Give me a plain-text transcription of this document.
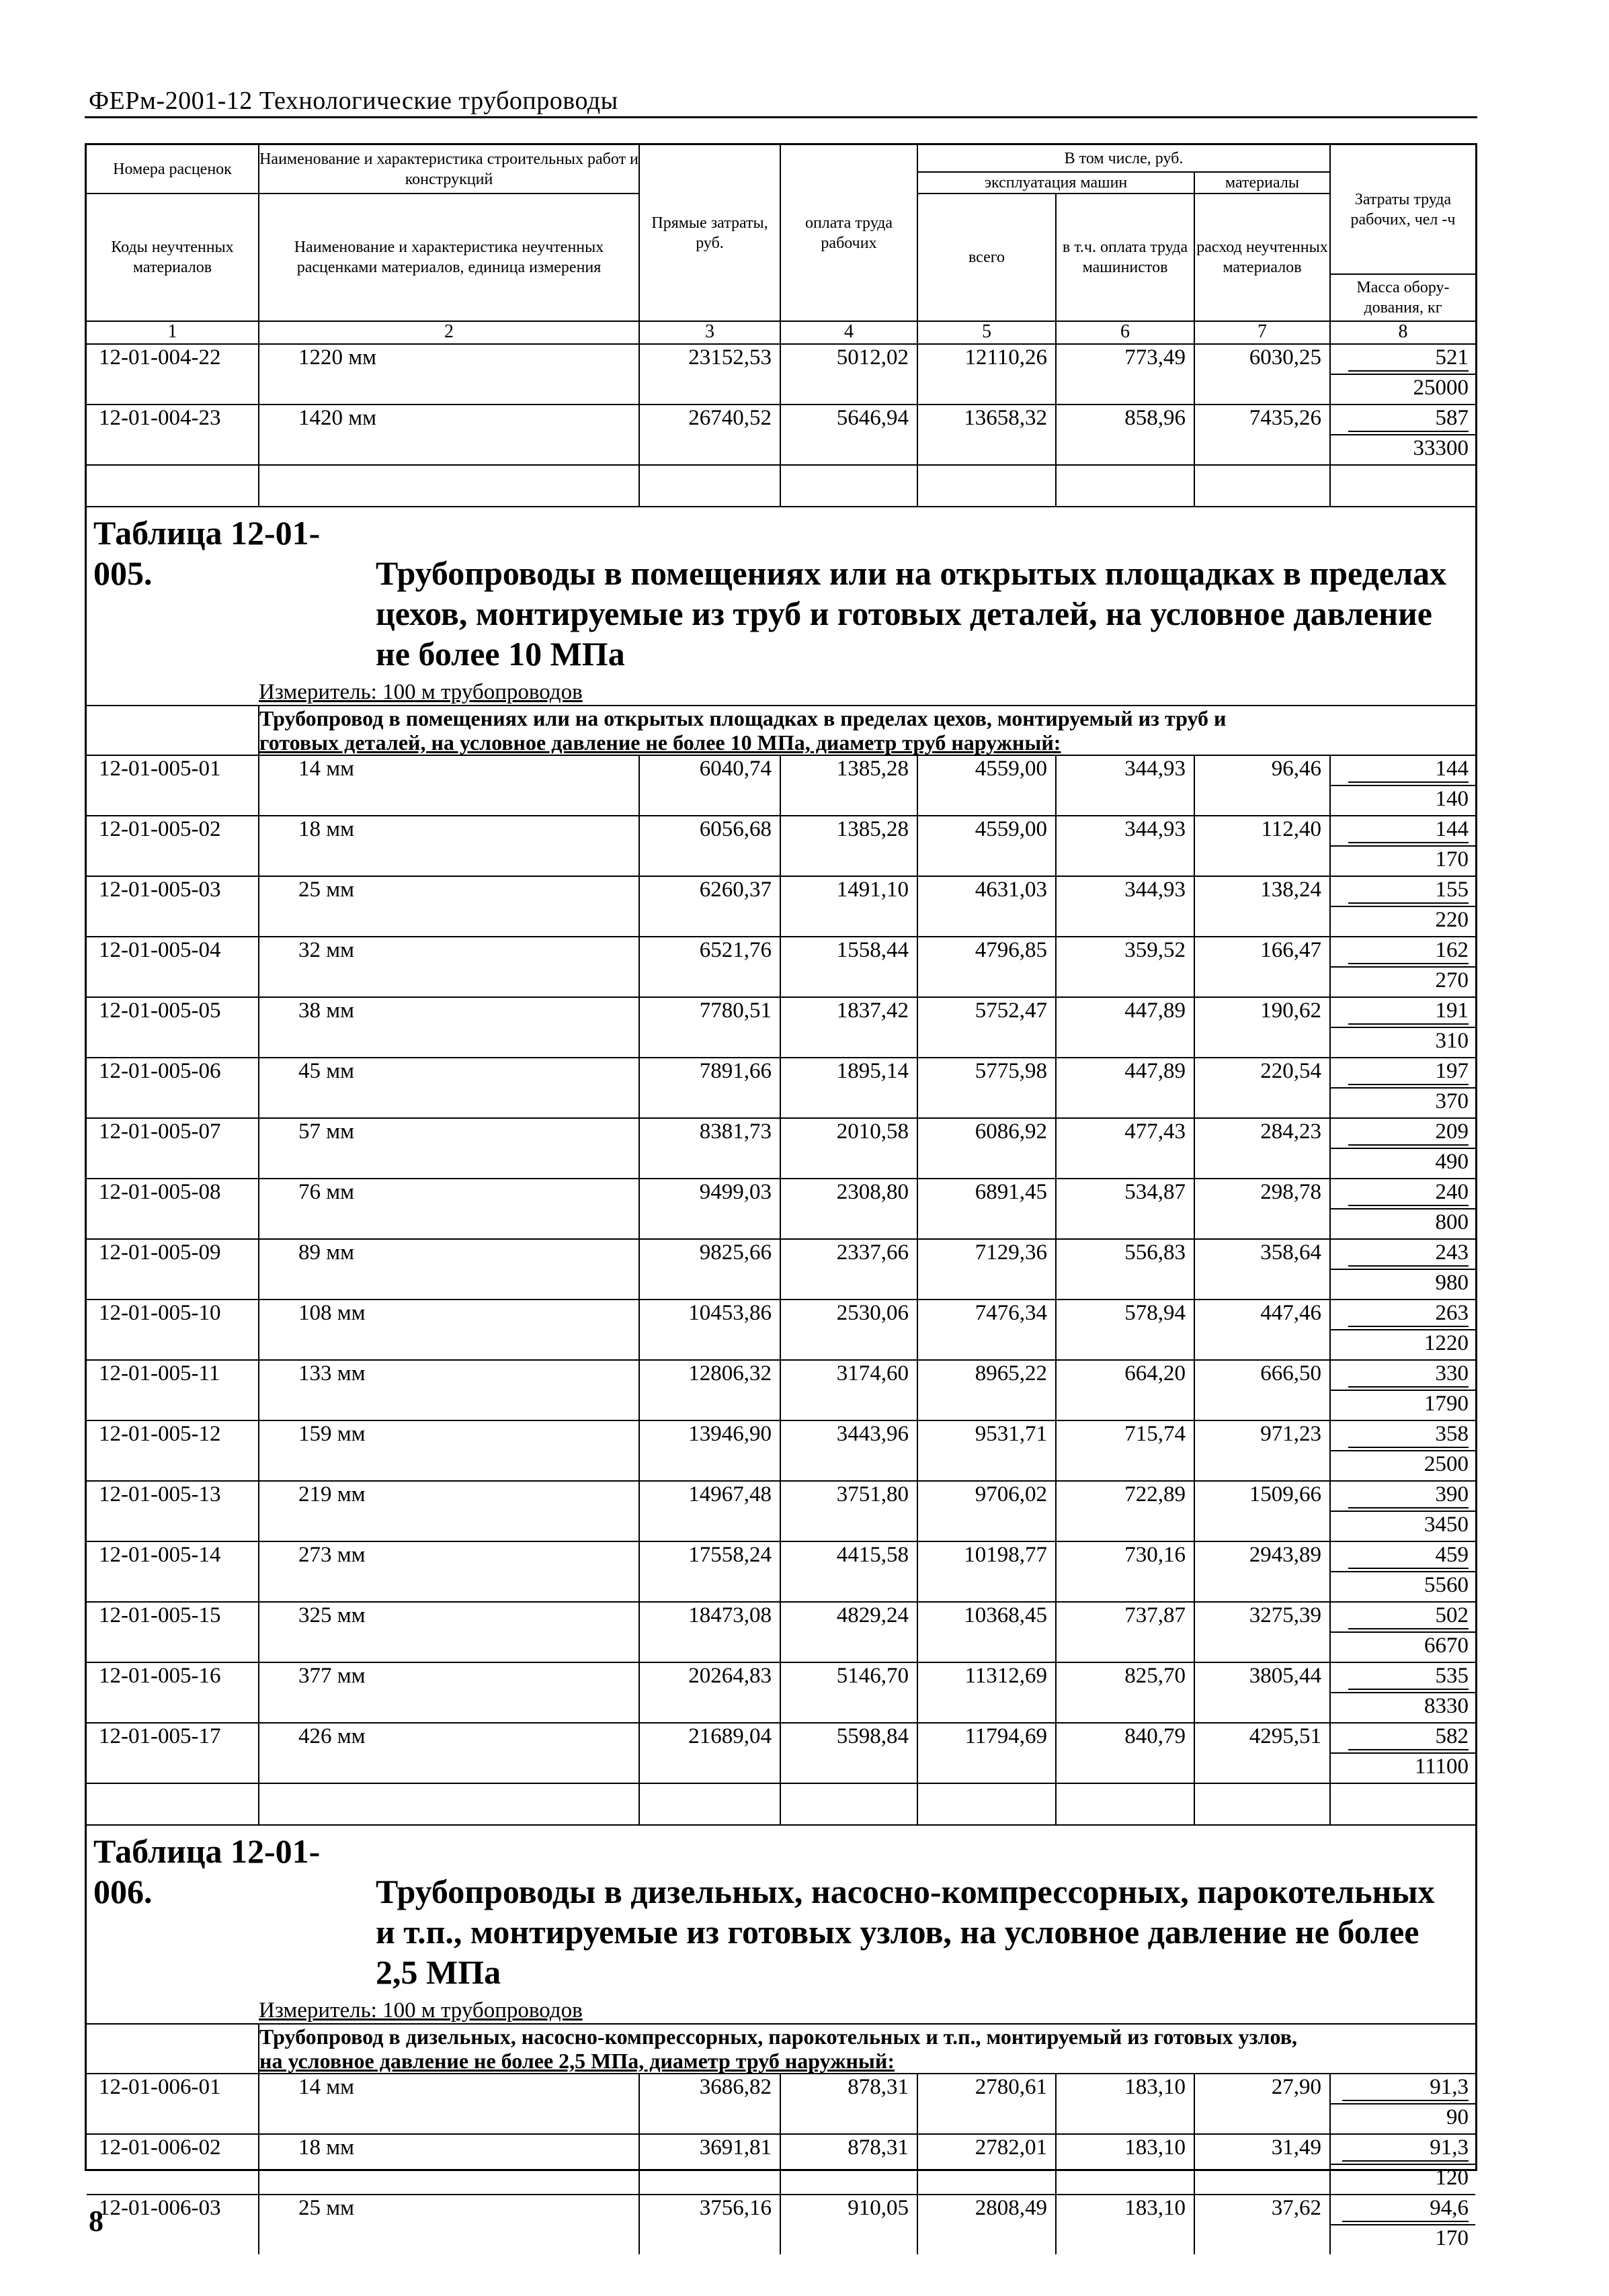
ФЕРм-2001-12 Технологические трубопроводы
Номера расценок	Наименование и характеристика строительных работ и конструкций	Прямые затраты, руб.	оплата труда рабочих	В том числе, руб.			Затраты труда рабочих, чел -ч
				эксплуатация машин		материалы	
Коды неучтенных материалов	Наименование и характеристика неучтенных расценками материалов, единица измерения			всего	в т.ч. оплата труда машинистов	расход неучтенных материалов	
							Масса обору-дования, кг
1	2	3	4	5	6	7	8
12-01-004-22	1220 мм	23152,53	5012,02	12110,26	773,49	6030,25	521
							25000
12-01-004-23	1420 мм	26740,52	5646,94	13658,32	858,96	7435,26	587
							33300

Таблица 12-01-005. Трубопроводы в помещениях или на открытых площадках в пределах
цехов, монтируемые из труб и готовых деталей, на условное давление
не более 10 МПа							

	Измеритель: 100 м трубопроводов						

	Трубопровод в помещениях или на открытых площадках в пределах цехов, монтируемый из труб и
готовых деталей, на условное давление не более 10 МПа, диаметр труб наружный:						

12-01-005-01	14 мм	6040,74	1385,28	4559,00	344,93	96,46	144
							140
12-01-005-02	18 мм	6056,68	1385,28	4559,00	344,93	112,40	144
							170
12-01-005-03	25 мм	6260,37	1491,10	4631,03	344,93	138,24	155
							220
12-01-005-04	32 мм	6521,76	1558,44	4796,85	359,52	166,47	162
							270
12-01-005-05	38 мм	7780,51	1837,42	5752,47	447,89	190,62	191
							310
12-01-005-06	45 мм	7891,66	1895,14	5775,98	447,89	220,54	197
							370
12-01-005-07	57 мм	8381,73	2010,58	6086,92	477,43	284,23	209
							490
12-01-005-08	76 мм	9499,03	2308,80	6891,45	534,87	298,78	240
							800
12-01-005-09	89 мм	9825,66	2337,66	7129,36	556,83	358,64	243
							980
12-01-005-10	108 мм	10453,86	2530,06	7476,34	578,94	447,46	263
							1220
12-01-005-11	133 мм	12806,32	3174,60	8965,22	664,20	666,50	330
							1790
12-01-005-12	159 мм	13946,90	3443,96	9531,71	715,74	971,23	358
							2500
12-01-005-13	219 мм	14967,48	3751,80	9706,02	722,89	1509,66	390
							3450
12-01-005-14	273 мм	17558,24	4415,58	10198,77	730,16	2943,89	459
							5560
12-01-005-15	325 мм	18473,08	4829,24	10368,45	737,87	3275,39	502
							6670
12-01-005-16	377 мм	20264,83	5146,70	11312,69	825,70	3805,44	535
							8330
12-01-005-17	426 мм	21689,04	5598,84	11794,69	840,79	4295,51	582
							11100

Таблица 12-01-006. Трубопроводы в дизельных, насосно-компрессорных, парокотельных
и т.п., монтируемые из готовых узлов, на условное давление не более
2,5 МПа							

	Измеритель: 100 м трубопроводов						

	Трубопровод в дизельных, насосно-компрессорных, парокотельных и т.п., монтируемый из готовых узлов,
на условное давление не более 2,5 МПа, диаметр труб наружный:						

12-01-006-01	14 мм	3686,82	878,31	2780,61	183,10	27,90	91,3
							90
12-01-006-02	18 мм	3691,81	878,31	2782,01	183,10	31,49	91,3
							120
12-01-006-03	25 мм	3756,16	910,05	2808,49	183,10	37,62	94,6
							170
8
